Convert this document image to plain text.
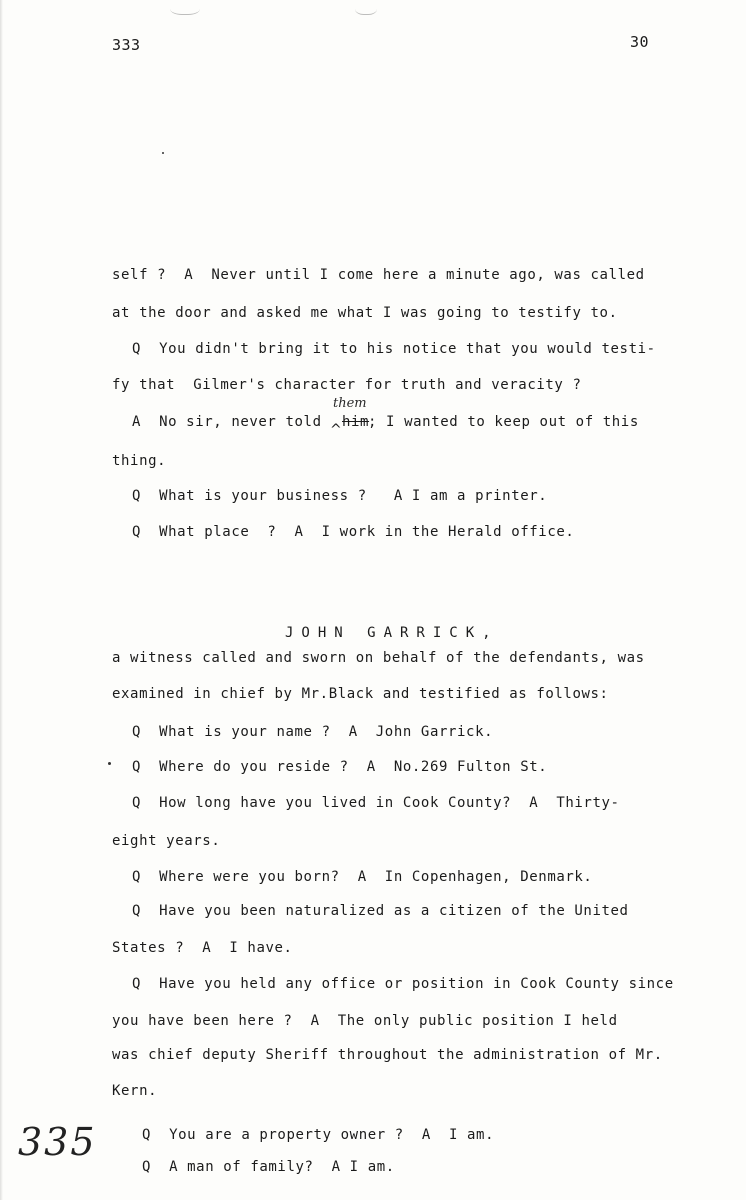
333	30

self ?  A  Never until I come here a minute ago, was called

at the door and asked me what I was going to testify to.

Q  You didn't bring it to his notice that you would testi-

fy that  Gilmer's character for truth and veracity ?

A  No sir, never told

them
him
^ ; I wanted to keep out of this

thing.

Q  What is your business ?   A I am a printer.

Q  What place  ?  A  I work in the Herald office.

JOHN GARRICK,

a witness called and sworn on behalf of the defendants, was

examined in chief by Mr.Black and testified as follows:

Q  What is your name ?  A  John Garrick.

Q  Where do you reside ?  A  No.269 Fulton St.

Q  How long have you lived in Cook County?  A  Thirty-

eight years.

Q  Where were you born?  A  In Copenhagen, Denmark.

Q  Have you been naturalized as a citizen of the United

States ?  A  I have.

Q  Have you held any office or position in Cook County since

you have been here ?  A  The only public position I held

was chief deputy Sheriff throughout the administration of Mr.

Kern.

335	Q  You are a property owner ?  A  I am.

Q  A man of family?  A I am.
